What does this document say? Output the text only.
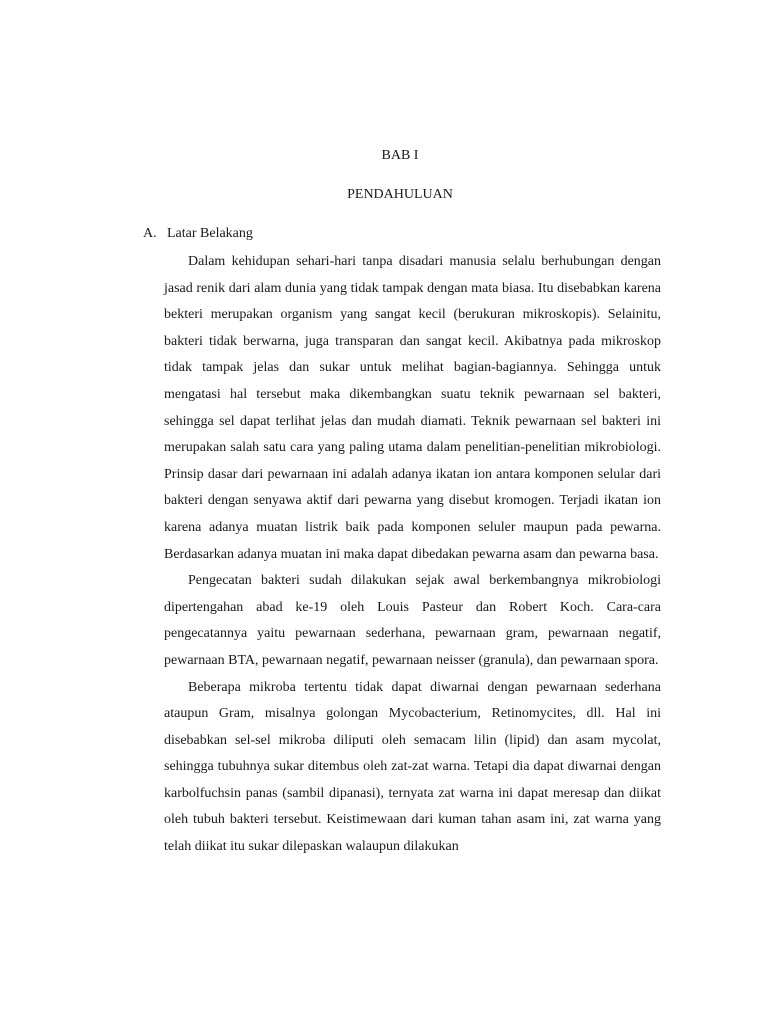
BAB I
PENDAHULUAN
A. Latar Belakang

Dalam kehidupan sehari-hari tanpa disadari manusia selalu berhubungan dengan jasad renik dari alam dunia yang tidak tampak dengan mata biasa. Itu disebabkan karena bekteri merupakan organism yang sangat kecil (berukuran mikroskopis). Selainitu, bakteri tidak berwarna, juga transparan dan sangat kecil. Akibatnya pada mikroskop tidak tampak jelas dan sukar untuk melihat bagian-bagiannya. Sehingga untuk mengatasi hal tersebut maka dikembangkan suatu teknik pewarnaan sel bakteri, sehingga sel dapat terlihat jelas dan mudah diamati. Teknik pewarnaan sel bakteri ini merupakan salah satu cara yang paling utama dalam penelitian-penelitian mikrobiologi. Prinsip dasar dari pewarnaan ini adalah adanya ikatan ion antara komponen selular dari bakteri dengan senyawa aktif dari pewarna yang disebut kromogen. Terjadi ikatan ion karena adanya muatan listrik baik pada komponen seluler maupun pada pewarna. Berdasarkan adanya muatan ini maka dapat dibedakan pewarna asam dan pewarna basa.

Pengecatan bakteri sudah dilakukan sejak awal berkembangnya mikrobiologi dipertengahan abad ke-19 oleh Louis Pasteur dan Robert Koch. Cara-cara pengecatannya yaitu pewarnaan sederhana, pewarnaan gram, pewarnaan negatif, pewarnaan BTA, pewarnaan negatif, pewarnaan neisser (granula), dan pewarnaan spora.

Beberapa mikroba tertentu tidak dapat diwarnai dengan pewarnaan sederhana ataupun Gram, misalnya golongan Mycobacterium, Retinomycites, dll. Hal ini disebabkan sel-sel mikroba diliputi oleh semacam lilin (lipid) dan asam mycolat, sehingga tubuhnya sukar ditembus oleh zat-zat warna. Tetapi dia dapat diwarnai dengan karbolfuchsin panas (sambil dipanasi), ternyata zat warna ini dapat meresap dan diikat oleh tubuh bakteri tersebut. Keistimewaan dari kuman tahan asam ini, zat warna yang telah diikat itu sukar dilepaskan walaupun dilakukan
